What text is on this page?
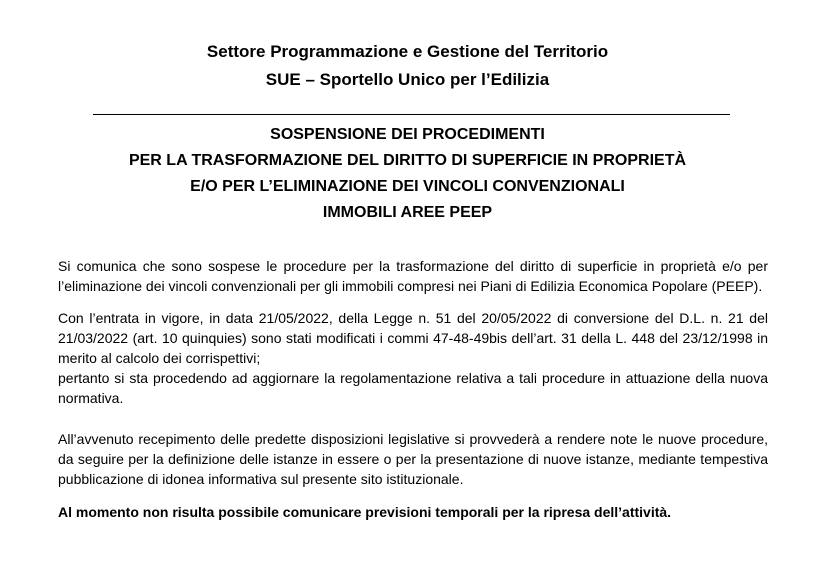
Settore Programmazione e Gestione del Territorio
SUE – Sportello Unico per l’Edilizia
SOSPENSIONE DEI PROCEDIMENTI
PER LA TRASFORMAZIONE DEL DIRITTO DI SUPERFICIE IN PROPRIETÀ
E/O PER L’ELIMINAZIONE DEI VINCOLI CONVENZIONALI
IMMOBILI AREE PEEP

Si comunica che sono sospese le procedure per la trasformazione del diritto di superficie in proprietà e/o per l’eliminazione dei vincoli convenzionali per gli immobili compresi nei Piani di Edilizia Economica Popolare (PEEP).

Con l’entrata in vigore, in data 21/05/2022, della Legge n. 51 del 20/05/2022 di conversione del D.L. n. 21 del 21/03/2022 (art. 10 quinquies) sono stati modificati i commi 47-48-49bis dell’art. 31 della L. 448 del 23/12/1998 in merito al calcolo dei corrispettivi;

pertanto si sta procedendo ad aggiornare la regolamentazione relativa a tali procedure in attuazione della nuova normativa.

All’avvenuto recepimento delle predette disposizioni legislative si provvederà a rendere note le nuove procedure, da seguire per la definizione delle istanze in essere o per la presentazione di nuove istanze, mediante tempestiva pubblicazione di idonea informativa sul presente sito istituzionale.

Al momento non risulta possibile comunicare previsioni temporali per la ripresa dell’attività.
